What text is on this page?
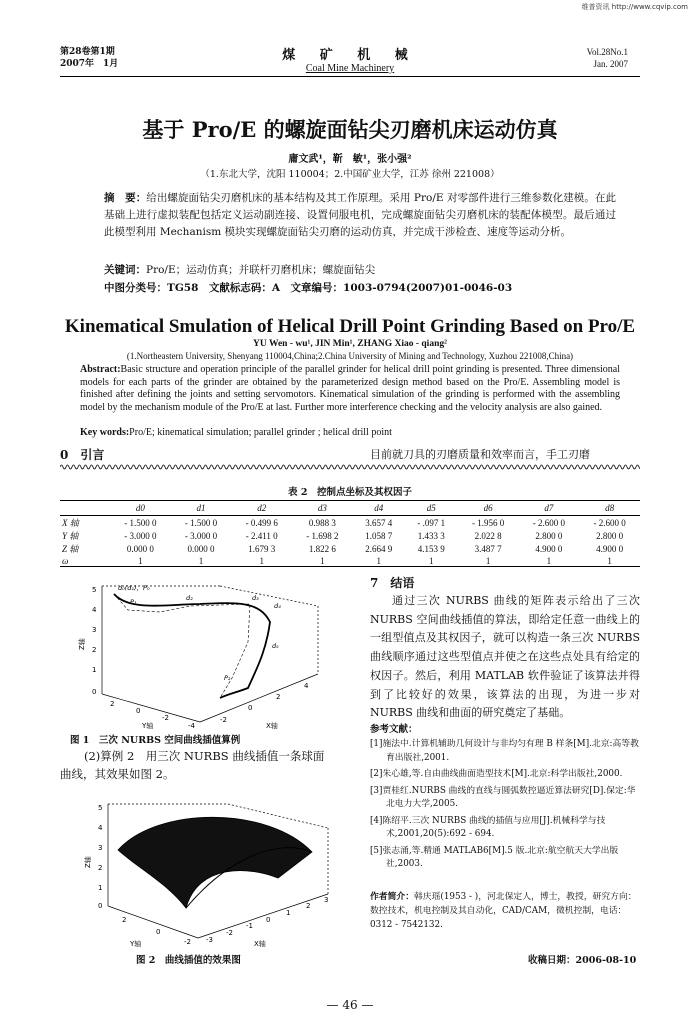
维普资讯 http://www.cqvip.com
第28卷第1期
2007年　1月
煤 矿 机 械
Coal Mine Machinery
Vol.28No.1
Jan. 2007
基于 Pro/E 的螺旋面钻尖刃磨机床运动仿真
庸文武¹，靳　敏¹，张小强²
（1.东北大学，沈阳 110004；2.中国矿业大学，江苏 徐州 221008）
摘　要：给出螺旋面钻尖刃磨机床的基本结构及其工作原理。采用 Pro/E 对零部件进行三维参数化建模。在此基础上进行虚拟装配包括定义运动副连接、设置伺服电机，完成螺旋面钻尖刃磨机床的装配体模型。最后通过此模型利用 Mechanism 模块实现螺旋面钻尖刃磨的运动仿真，并完成干涉检查、速度等运动分析。
关键词：Pro/E；运动仿真；并联杆刃磨机床；螺旋面钻尖
中图分类号：TG58　文献标志码：A　文章编号：1003-0794(2007)01-0046-03
Kinematical Smulation of Helical Drill Point Grinding Based on Pro/E
YU Wen - wu¹, JIN Min¹, ZHANG Xiao - qiang²
(1.Northeastern University, Shenyang 110004,China;2.China University of Mining and Technology, Xuzhou 221008,China)
Abstract:Basic structure and operation principle of the parallel grinder for helical drill point grinding is presented. Three dimensional models for each parts of the grinder are obtained by the parameterized design method based on the Pro/E. Assembling model is finished after defining the joints and setting servomotors. Kinematical simulation of the grinding is performed with the assembling model by the mechanism module of the Pro/E at last. Further more interference checking and the velocity analysis are also gained.
Key words:Pro/E; kinematical simulation; parallel grinder ; helical drill point
0　引言	目前就刀具的刃磨质量和效率而言，手工刃磨
表 2　控制点坐标及其权因子
	d0	d1	d2	d3	d4	d5	d6	d7	d8
X 轴	- 1.500 0	- 1.500 0	- 0.499 6	0.988 3	3.657 4	- .097 1	- 1.956 0	- 2.600 0	- 2.600 0
Y 轴	- 3.000 0	- 3.000 0	- 2.411 0	- 1.698 2	1.058 7	1.433 3	2.022 8	2.800 0	2.800 0
Z 轴	0.000 0	0.000 0	1.679 3	1.822 6	2.664 9	4.153 9	3.487 7	4.900 0	4.900 0
ω	1	1	1	1	1	1	1	1	1
5
4
3
2
1
0
2
0
-2
-4
-2
0
2
4
d₀(d₁)，P₀
P₁	d₂	d₃
d₄
d₅
P₂
Z轴
Y轴	X轴
图 1　三次 NURBS 空间曲线插值算例
(2)算例 2　用三次 NURBS 曲线插值一条球面
曲线，其效果如图 2。
5
4
3
2
1
0
2
0
-2 -3
-2
-1
0
1
2
3
Z轴
Y轴	X轴
图 2　曲线插值的效果图
7　结语
通过三次 NURBS 曲线的矩阵表示给出了三次 NURBS 空间曲线插值的算法，即给定任意一曲线上的一组型值点及其权因子，就可以构造一条三次 NURBS 曲线顺序通过这些型值点并使之在这些点处具有给定的权因子。然后，利用 MATLAB 软件验证了该算法并得到了比较好的效果，该算法的出现，为进一步对 NURBS 曲线和曲面的研究奠定了基础。
参考文献：
[1]施法中.计算机辅助几何设计与非均匀有理 B 样条[M].北京:高等教育出版社,2001.
[2]朱心雄,等.自由曲线曲面造型技术[M].北京:科学出版社,2000.
[3]贾桂红.NURBS 曲线的直线与圆弧数控逼近算法研究[D].保定:华北电力大学,2005.
[4]陈绍平.三次 NURBS 曲线的插值与应用[J].机械科学与技术,2001,20(5):692 - 694.
[5]张志涌,等.精通 MATLAB6[M].5 版.北京:航空航天大学出版社,2003.
作者简介：韩庆瑶(1953 - )，河北保定人，博士，教授，研究方向：数控技术，机电控制及其自动化，CAD/CAM，微机控制，电话：0312 - 7542132.
收稿日期：2006-08-10
— 46 —
